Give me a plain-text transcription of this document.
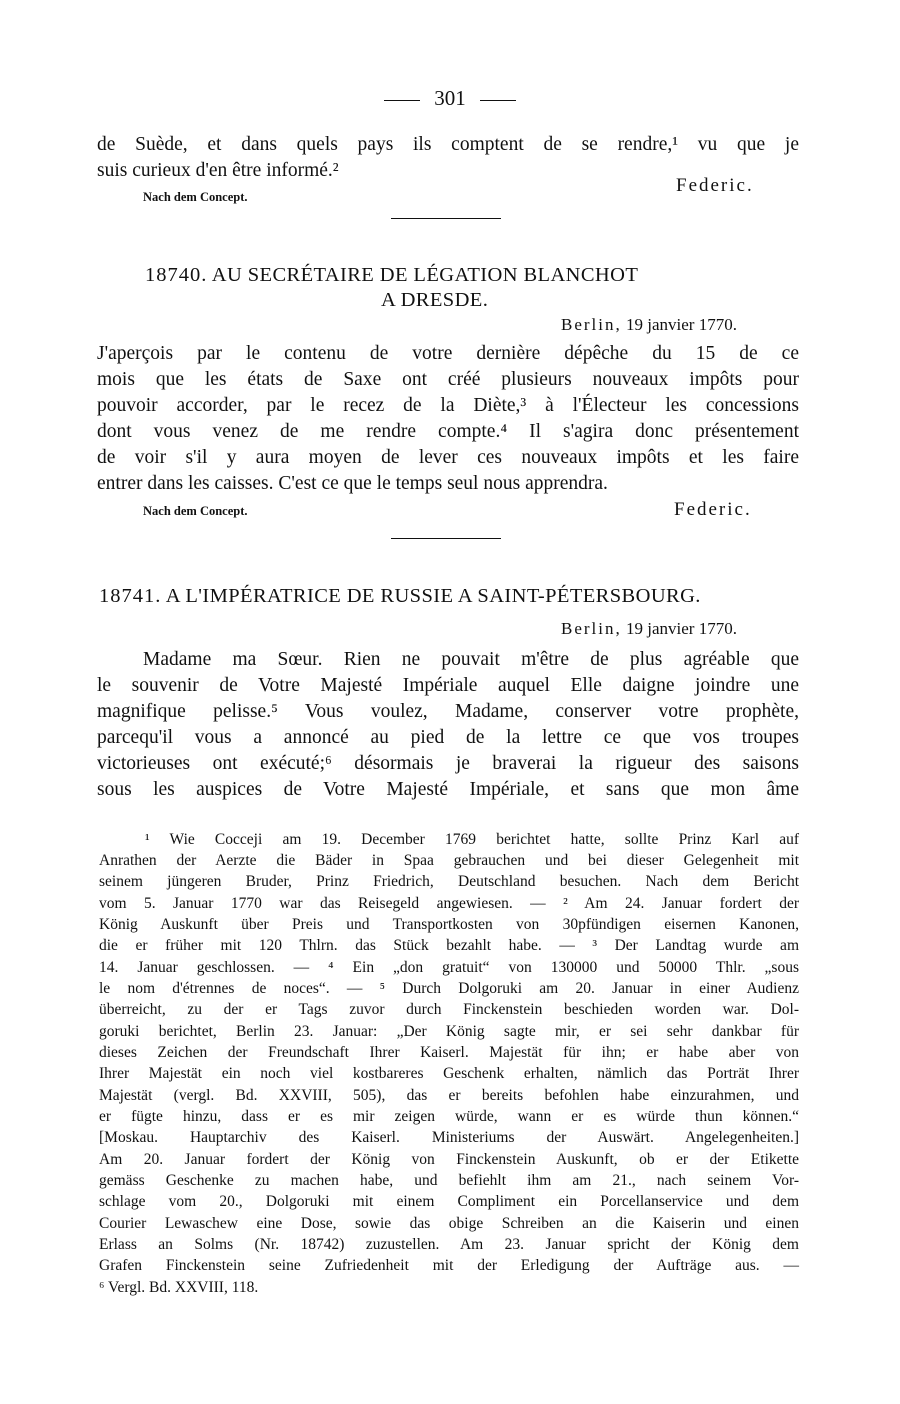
301
de Suède, et dans quels pays ils comptent de se rendre,¹ vu que je
suis curieux d'en être informé.²
Nach dem Concept.
Federic.
18740. AU SECRÉTAIRE DE LÉGATION BLANCHOT
A DRESDE.
Berlin, 19 janvier 1770.
J'aperçois par le contenu de votre dernière dépêche du 15 de ce
mois que les états de Saxe ont créé plusieurs nouveaux impôts pour
pouvoir accorder, par le recez de la Diète,³ à l'Électeur les concessions
dont vous venez de me rendre compte.⁴ Il s'agira donc présentement
de voir s'il y aura moyen de lever ces nouveaux impôts et les faire
entrer dans les caisses. C'est ce que le temps seul nous apprendra.
Nach dem Concept.	Federic.
18741. A L'IMPÉRATRICE DE RUSSIE A SAINT-PÉTERSBOURG.
Berlin, 19 janvier 1770.
Madame ma Sœur. Rien ne pouvait m'être de plus agréable que
le souvenir de Votre Majesté Impériale auquel Elle daigne joindre une
magnifique pelisse.⁵ Vous voulez, Madame, conserver votre prophète,
parcequ'il vous a annoncé au pied de la lettre ce que vos troupes
victorieuses ont exécuté;⁶ désormais je braverai la rigueur des saisons
sous les auspices de Votre Majesté Impériale, et sans que mon âme
¹ Wie Cocceji am 19. December 1769 berichtet hatte, sollte Prinz Karl auf
Anrathen der Aerzte die Bäder in Spaa gebrauchen und bei dieser Gelegenheit mit
seinem jüngeren Bruder, Prinz Friedrich, Deutschland besuchen. Nach dem Bericht
vom 5. Januar 1770 war das Reisegeld angewiesen. — ² Am 24. Januar fordert der
König Auskunft über Preis und Transportkosten von 30pfündigen eisernen Kanonen,
die er früher mit 120 Thlrn. das Stück bezahlt habe. — ³ Der Landtag wurde am
14. Januar geschlossen. — ⁴ Ein „don gratuit“ von 130000 und 50000 Thlr. „sous
le nom d'étrennes de noces“. — ⁵ Durch Dolgoruki am 20. Januar in einer Audienz
überreicht, zu der er Tags zuvor durch Finckenstein beschieden worden war. Dol-
goruki berichtet, Berlin 23. Januar: „Der König sagte mir, er sei sehr dankbar für
dieses Zeichen der Freundschaft Ihrer Kaiserl. Majestät für ihn; er habe aber von
Ihrer Majestät ein noch viel kostbareres Geschenk erhalten, nämlich das Porträt Ihrer
Majestät (vergl. Bd. XXVIII, 505), das er bereits befohlen habe einzurahmen, und
er fügte hinzu, dass er es mir zeigen würde, wann er es würde thun können.“
[Moskau. Hauptarchiv des Kaiserl. Ministeriums der Auswärt. Angelegenheiten.]
Am 20. Januar fordert der König von Finckenstein Auskunft, ob er der Etikette
gemäss Geschenke zu machen habe, und befiehlt ihm am 21., nach seinem Vor-
schlage vom 20., Dolgoruki mit einem Compliment ein Porcellanservice und dem
Courier Lewaschew eine Dose, sowie das obige Schreiben an die Kaiserin und einen
Erlass an Solms (Nr. 18742) zuzustellen. Am 23. Januar spricht der König dem
Grafen Finckenstein seine Zufriedenheit mit der Erledigung der Aufträge aus. —
⁶ Vergl. Bd. XXVIII, 118.
